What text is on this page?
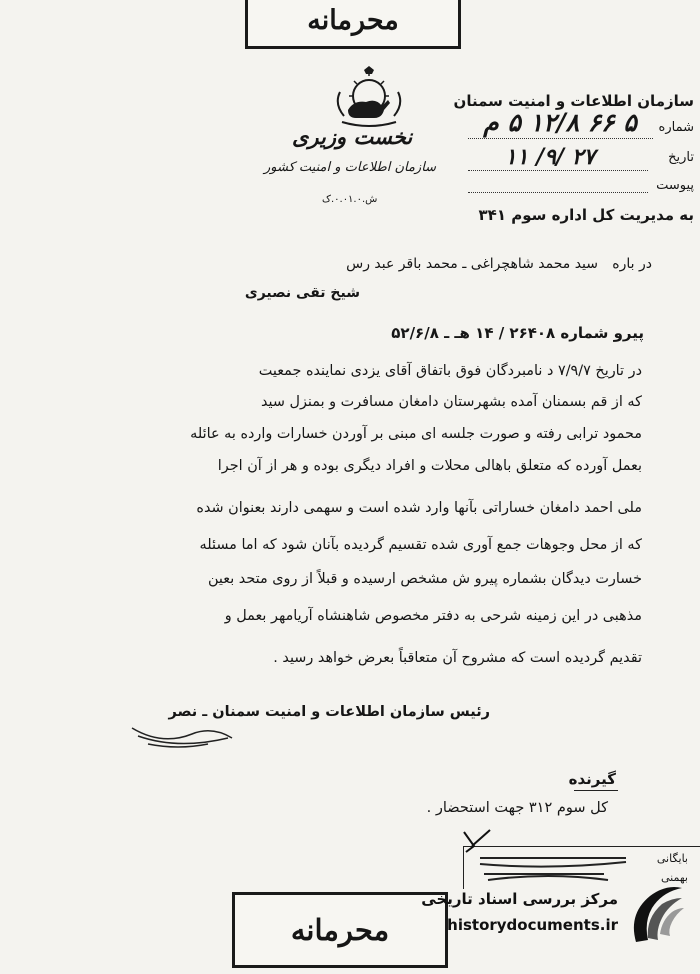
محرمانه
نخست وزیری
سازمان اطلاعات و امنیت کشور
ش.۰.۰۱.۰.ک
سازمان اطلاعات و امنیت سمنان
شماره
۵ ۶۶ ۱۲/۸ ۵ م
تاریخ
۲۷ /۹/ ۱۱
پیوست
به مدیریت کل اداره سوم ۳۴۱
در باره
سید محمد شاهچراغی ـ محمد باقر عبد رس
شیخ تقی نصیری
پیرو شماره ۲۶۴۰۸ / ۱۴ هـ ـ ۵۲/۶/۸
در تاریخ ۷/۹/۷ د نامبردگان فوق باتفاق آقای یزدی نماینده جمعیت
که از قم بسمنان آمده بشهرستان دامغان مسافرت و بمنزل سید
محمود ترابی رفته و صورت جلسه ای مبنی بر آوردن خسارات وارده به عائله
بعمل آورده که متعلق باهالی محلات و افراد دیگری بوده و هر از آن اجرا
ملی احمد دامغان خساراتی بآنها وارد شده است و سهمی دارند بعنوان شده
که از محل وجوهات جمع آوری شده تقسیم گردیده بآنان شود که اما مسئله
خسارت دیدگان بشماره پیرو ش مشخص ارسیده و قبلاً از روی متحد بعین
مذهبی در این زمینه شرحی به دفتر مخصوص شاهنشاه آریامهر بعمل و
تقدیم گردیده است که مشروح آن متعاقباً بعرض خواهد رسید .
رئیس سازمان اطلاعات و امنیت سمنان ـ نصر
گیرنده
کل سوم ۳۱۲ جهت استحضار .
بایگانی
بهمنی
محرمانه
مرکز بررسی اسناد تاریخی
historydocuments.ir
